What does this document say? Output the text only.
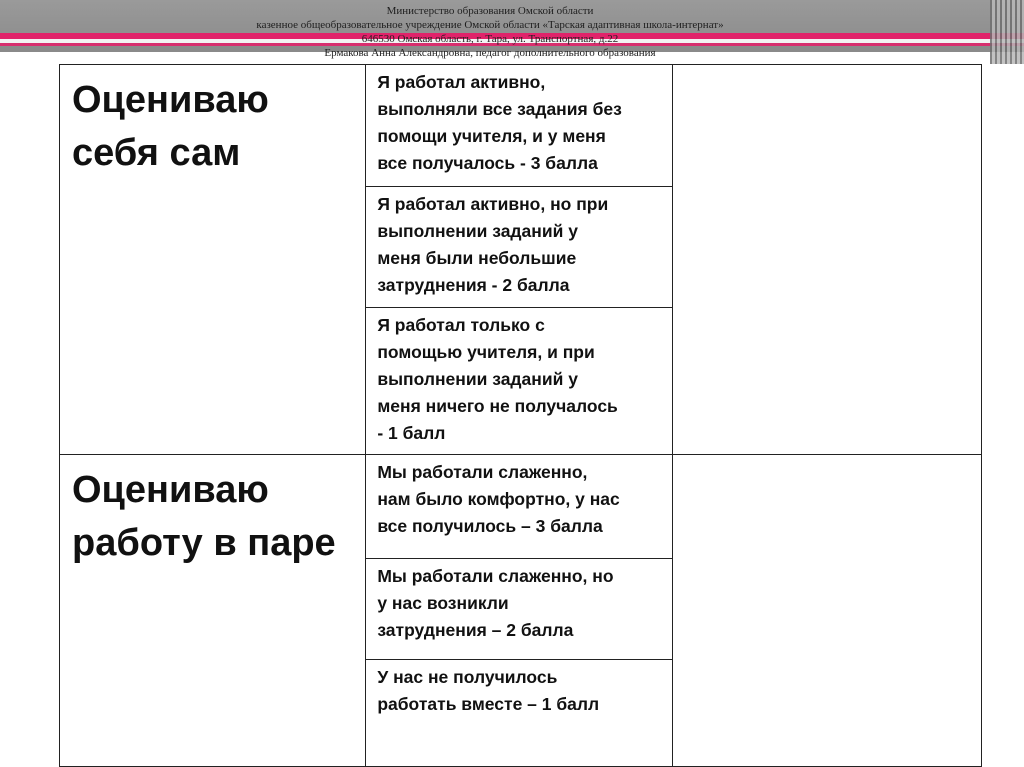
Министерство образования Омской области
казенное общеобразовательное учреждение Омской области «Тарская адаптивная школа-интернат»
646530 Омская область, г. Тара, ул. Транспортная, д.22
Ермакова Анна Александровна, педагог дополнительного образования
Оцениваю
себя сам	Я работал активно,
выполняли все задания без
помощи учителя, и у меня
все получалось - 3 балла	

	Я работал активно, но при
выполнении заданий у
меня были небольшие
затруднения - 2 балла	

	Я работал только с
помощью учителя, и при
выполнении заданий у
меня ничего не получалось
- 1 балл	

Оцениваю
работу в паре	Мы работали слаженно,
нам было комфортно, у нас
все получилось – 3 балла	

	Мы работали слаженно, но
у нас возникли
затруднения – 2 балла	

	У нас не получилось
работать вместе – 1 балл	
